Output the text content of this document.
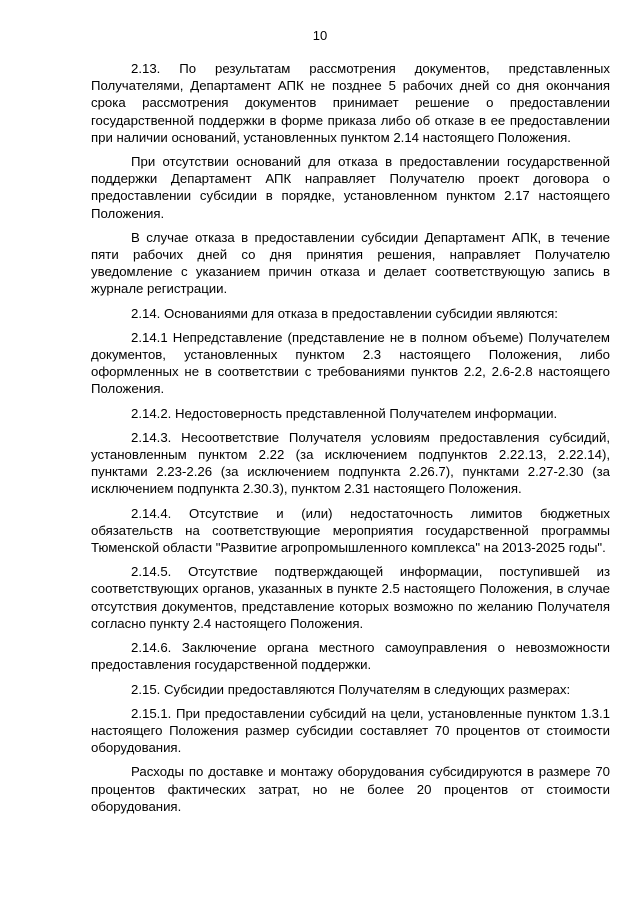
10

2.13. По результатам рассмотрения документов, представленных Получателями, Департамент АПК не позднее 5 рабочих дней со дня окончания срока рассмотрения документов принимает решение о предоставлении государственной поддержки в форме приказа либо об отказе в ее предоставлении при наличии оснований, установленных пунктом 2.14 настоящего Положения.

При отсутствии оснований для отказа в предоставлении государственной поддержки Департамент АПК направляет Получателю проект договора о предоставлении субсидии в порядке, установленном пунктом 2.17 настоящего Положения.

В случае отказа в предоставлении субсидии Департамент АПК, в течение пяти рабочих дней со дня принятия решения, направляет Получателю уведомление с указанием причин отказа и делает соответствующую запись в журнале регистрации.

2.14. Основаниями для отказа в предоставлении субсидии являются:

2.14.1 Непредставление (представление не в полном объеме) Получателем документов, установленных пунктом 2.3 настоящего Положения, либо оформленных не в соответствии с требованиями пунктов 2.2, 2.6-2.8 настоящего Положения.

2.14.2. Недостоверность представленной Получателем информации.

2.14.3. Несоответствие Получателя условиям предоставления субсидий, установленным пунктом 2.22 (за исключением подпунктов 2.22.13, 2.22.14), пунктами 2.23-2.26 (за исключением подпункта 2.26.7), пунктами 2.27-2.30 (за исключением подпункта 2.30.3), пунктом 2.31 настоящего Положения.

2.14.4. Отсутствие и (или) недостаточность лимитов бюджетных обязательств на соответствующие мероприятия государственной программы Тюменской области "Развитие агропромышленного комплекса" на 2013-2025 годы".

2.14.5. Отсутствие подтверждающей информации, поступившей из соответствующих органов, указанных в пункте 2.5 настоящего Положения, в случае отсутствия документов, представление которых возможно по желанию Получателя согласно пункту 2.4 настоящего Положения.

2.14.6. Заключение органа местного самоуправления о невозможности предоставления государственной поддержки.

2.15. Субсидии предоставляются Получателям в следующих размерах:

2.15.1. При предоставлении субсидий на цели, установленные пунктом 1.3.1 настоящего Положения размер субсидии составляет 70 процентов от стоимости оборудования.

Расходы по доставке и монтажу оборудования субсидируются в размере 70 процентов фактических затрат, но не более 20 процентов от стоимости оборудования.
